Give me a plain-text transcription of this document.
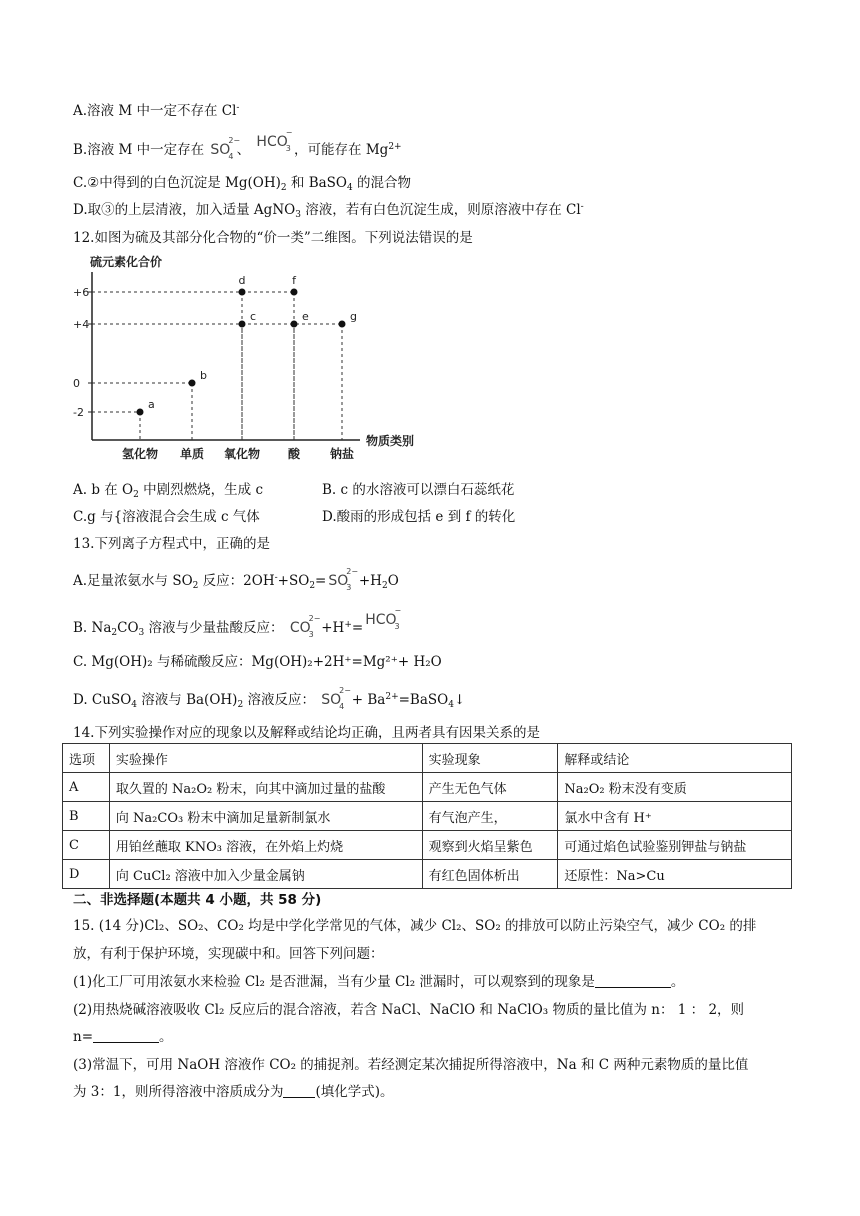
A.溶液 M 中一定不存在 Cl-
B.溶液 M 中一定存在 SO
2−
4 、 HCO
3
−
，可能存在 $Mg^{2+}$
C.②中得到的白色沉淀是 $Mg(OH)_2$ 和 BaSO$_4$ 的混合物
D.取③的上层清液，加入适量 AgNO$_3$ 溶液，若有白色沉淀生成，则原溶液中存在 Cl-
12.如图为硫及其部分化合物的“价一类”二维图。下列说法错误的是
硫元素化合价
物质类别
+6
+4
0
-2
氢化物 单质 氧化物 酸 钠盐
a
b
c
d
e
f
g
A. b 在 $O_2$ 中剧烈燃烧，生成 c	B. c 的水溶液可以漂白石蕊纸花
C.g 与{溶液混合会生成 c 气体	D.酸雨的形成包括 e 到 f 的转化
13.下列离子方程式中，正确的是
A.足量浓氨水与 $SO_2$ 反应：$2OH^-+SO_2=$ SO
2−
$3 +H_2O$
B. $Na_2CO_3$ 溶液与少量盐酸反应： CO
2−
3 +H+= HCO
3
−
C. Mg(OH)₂ 与稀硫酸反应：Mg(OH)₂+2H⁺=Mg²⁺+ H₂O
D. CuSO$_4$ 溶液与 $Ba(OH)_2$ 溶液反应： SO
2−
$4 + Ba^{2+}=BaSO_4↓$
14.下列实验操作对应的现象以及解释或结论均正确，且两者具有因果关系的是
选项	实验操作	实验现象	解释或结论
A	取久置的 Na₂O₂ 粉末，向其中滴加过量的盐酸	产生无色气体	Na₂O₂ 粉末没有变质
B	向 Na₂CO₃ 粉末中滴加足量新制氯水	有气泡产生，	氯水中含有 H⁺
C	用铂丝蘸取 KNO₃ 溶液，在外焰上灼烧	观察到火焰呈紫色	可通过焰色试验鉴别钾盐与钠盐
D	向 CuCl₂ 溶液中加入少量金属钠	有红色固体析出	还原性：Na>Cu
二、非选择题(本题共 4 小题，共 58 分)
15. (14 分)Cl₂、SO₂、CO₂ 均是中学化学常见的气体，减少 Cl₂、SO₂ 的排放可以防止污染空气，减少 CO₂ 的排
放，有利于保护环境，实现碳中和。回答下列问题：
(1)化工厂可用浓氨水来检验 Cl₂ 是否泄漏，当有少量 Cl₂ 泄漏时，可以观察到的现象是	。
(2)用热烧碱溶液吸收 Cl₂ 反应后的混合溶液，若含 NaCl、NaClO 和 NaClO₃ 物质的量比值为 n： 1 ： 2，则
n=	。
(3)常温下，可用 NaOH 溶液作 CO₂ 的捕捉剂。若经测定某次捕捉所得溶液中，Na 和 C 两种元素物质的量比值
为 3：1，则所得溶液中溶质成分为 (填化学式)。
